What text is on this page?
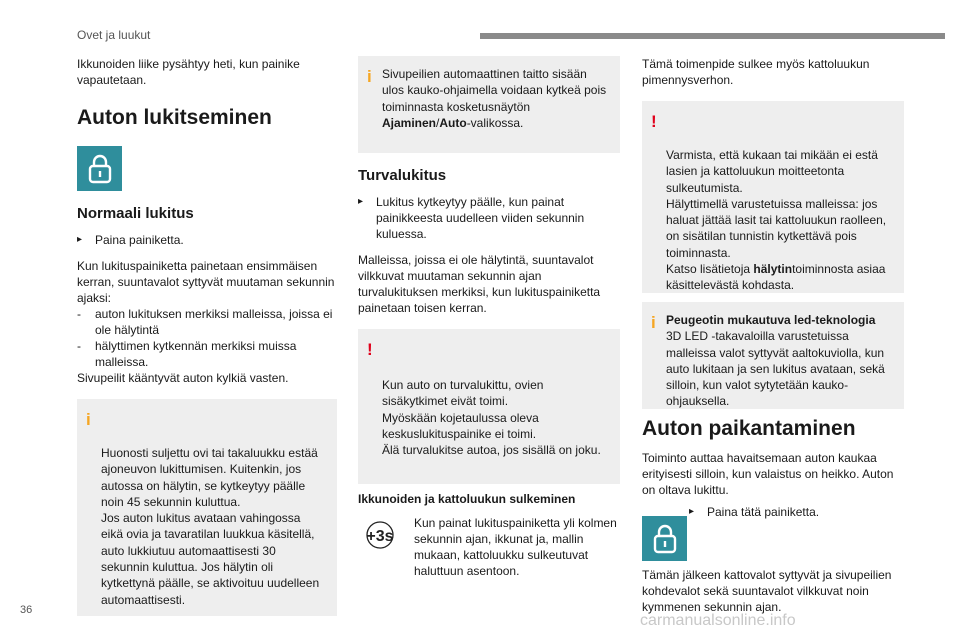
Ovet ja luukut

Ikkunoiden liike pysähtyy heti, kun painike vapautetaan.

Auton lukitseminen
Normaali lukitus
▸	Paina painiketta.

Kun lukituspainiketta painetaan ensimmäisen kerran, suuntavalot syttyvät muutaman sekunnin ajaksi:

-	auton lukituksen merkiksi malleissa, joissa ei ole hälytintä
-	hälyttimen kytkennän merkiksi muissa malleissa.

Sivupeilit kääntyvät auton kylkiä vasten.

i

Huonosti suljettu ovi tai takaluukku estää ajoneuvon lukittumisen. Kuitenkin, jos autossa on hälytin, se kytkeytyy päälle noin 45 sekunnin kuluttua.
Jos auton lukitus avataan vahingossa eikä ovia ja tavaratilan luukkua käsitellä, auto lukkiutuu automaattisesti 30 sekunnin kuluttua. Jos hälytin oli kytkettynä päälle, se aktivoituu uudelleen automaattisesti.

i Sivupeilien automaattinen taitto sisään ulos kauko-ohjaimella voidaan kytkeä pois toiminnasta kosketusnäytön Ajaminen/Auto-valikossa.

Turvalukitus
▸	Lukitus kytkeytyy päälle, kun painat painikkeesta uudelleen viiden sekunnin kuluessa.

Malleissa, joissa ei ole hälytintä, suuntavalot vilkkuvat muutaman sekunnin ajan turvalukituksen merkiksi, kun lukituspainiketta painetaan toisen kerran.

!

Kun auto on turvalukittu, ovien sisäkytkimet eivät toimi.
Myöskään kojetaulussa oleva keskuslukituspainike ei toimi.
Älä turvalukitse autoa, jos sisällä on joku.

Ikkunoiden ja kattoluukun sulkeminen

+3s

Kun painat lukituspainiketta yli kolmen sekunnin ajan, ikkunat ja, mallin mukaan, kattoluukku sulkeutuvat haluttuun asentoon.

Tämä toimenpide sulkee myös kattoluukun pimennysverhon.

!

Varmista, että kukaan tai mikään ei estä lasien ja kattoluukun moitteetonta sulkeutumista.
Hälyttimellä varustetuissa malleissa: jos haluat jättää lasit tai kattoluukun raolleen, on sisätilan tunnistin kytkettävä pois toiminnasta.
Katso lisätietoja hälytintoiminnosta asiaa käsittelevästä kohdasta.

i Peugeotin mukautuva led-teknologia

3D LED -takavaloilla varustetuissa malleissa valot syttyvät aaltokuviolla, kun auto lukitaan ja sen lukitus avataan, sekä silloin, kun valot sytytetään kauko-ohjauksella.

Auton paikantaminen

Toiminto auttaa havaitsemaan auton kaukaa erityisesti silloin, kun valaistus on heikko. Auton on oltava lukittu.

▸	Paina tätä painiketta.

Tämän jälkeen kattovalot syttyvät ja sivupeilien kohdevalot sekä suuntavalot vilkkuvat noin kymmenen sekunnin ajan.

36
carmanualsonline.info
